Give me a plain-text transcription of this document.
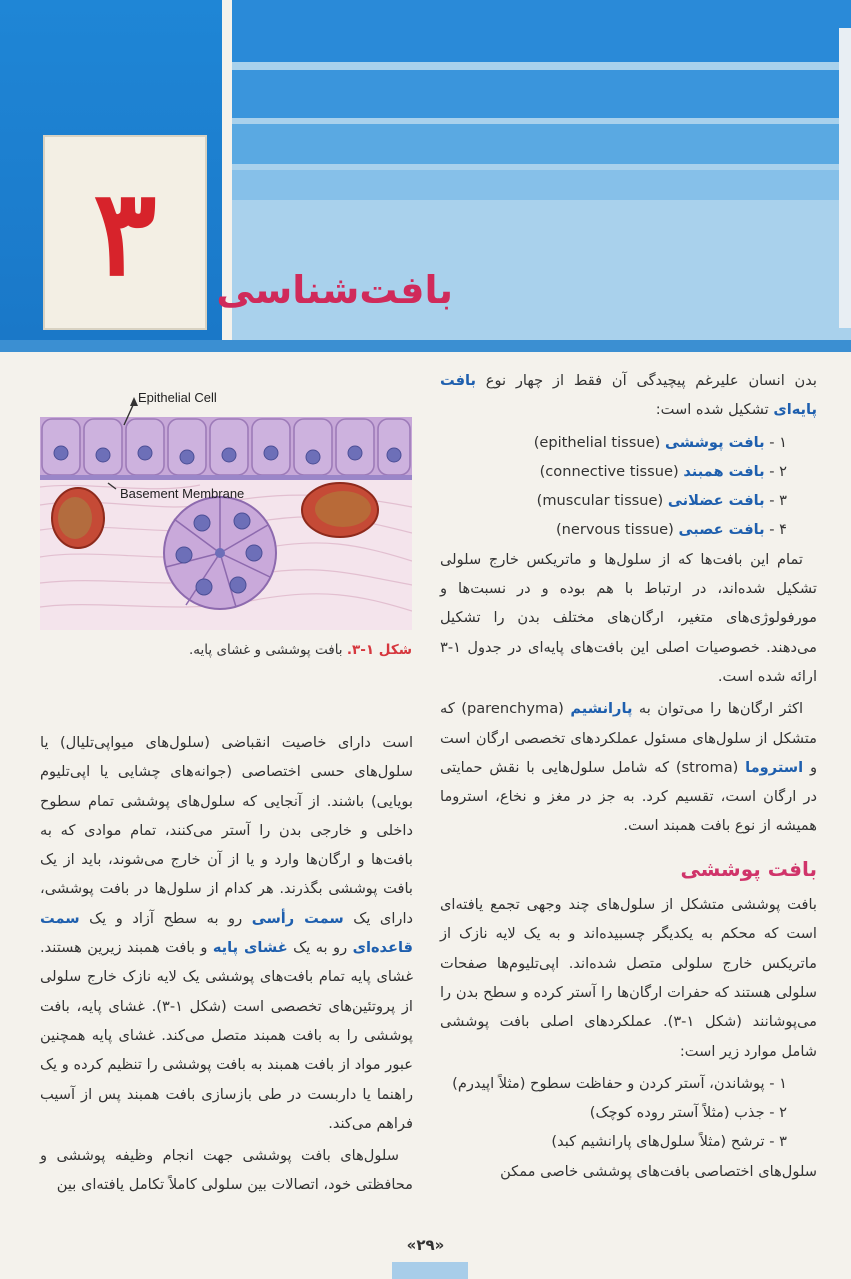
۳ بافت‌شناسی
Epithelial Cell
Basement Membrane
شکل ۱-۳. بافت پوششی و غشای پایه.

بدن انسان علیرغم پیچیدگی آن فقط از چهار نوع بافت پایه‌ای تشکیل شده است:

۱ - بافت پوششی (epithelial tissue)
۲ - بافت همبند (connective tissue)
۳ - بافت عضلانی (muscular tissue)
۴ - بافت عصبی (nervous tissue)

تمام این بافت‌ها که از سلول‌ها و ماتریکس خارج سلولی تشکیل شده‌اند، در ارتباط با هم بوده و در نسبت‌ها و مورفولوژی‌های متغیر، ارگان‌های مختلف بدن را تشکیل می‌دهند. خصوصیات اصلی این بافت‌های پایه‌ای در جدول ۱-۳ ارائه شده است.

اکثر ارگان‌ها را می‌توان به پارانشیم (parenchyma) که متشکل از سلول‌های مسئول عملکردهای تخصصی ارگان است و استروما (stroma) که شامل سلول‌هایی با نقش حمایتی در ارگان است، تقسیم کرد. به جز در مغز و نخاع، استروما همیشه از نوع بافت همبند است.

بافت پوششی

بافت پوششی متشکل از سلول‌های چند وجهی تجمع یافته‌ای است که محکم به یکدیگر چسبیده‌اند و به یک لایه نازک از ماتریکس خارج سلولی متصل شده‌اند. اپی‌تلیوم‌ها صفحات سلولی هستند که حفرات ارگان‌ها را آستر کرده و سطح بدن را می‌پوشانند (شکل ۱-۳). عملکردهای اصلی بافت پوششی شامل موارد زیر است:

۱ - پوشاندن، آستر کردن و حفاظت سطوح (مثلاً اپیدرم)
۲ - جذب (مثلاً آستر روده کوچک)
۳ - ترشح (مثلاً سلول‌های پارانشیم کبد)

سلول‌های اختصاصی بافت‌های پوششی خاصی ممکن

است دارای خاصیت انقباضی (سلول‌های میواپی‌تلیال) یا سلول‌های حسی اختصاصی (جوانه‌های چشایی یا اپی‌تلیوم بویایی) باشند. از آنجایی که سلول‌های پوششی تمام سطوح داخلی و خارجی بدن را آستر می‌کنند، تمام موادی که به بافت‌ها و ارگان‌ها وارد و یا از آن خارج می‌شوند، باید از یک بافت پوششی بگذرند. هر کدام از سلول‌ها در بافت پوششی، دارای یک سمت رأسی رو به سطح آزاد و یک سمت قاعده‌ای رو به یک غشای پایه و بافت همبند زیرین هستند. غشای پایه تمام بافت‌های پوششی یک لایه نازک خارج سلولی از پروتئین‌های تخصصی است (شکل ۱-۳). غشای پایه، بافت پوششی را به بافت همبند متصل می‌کند. غشای پایه همچنین عبور مواد از بافت همبند به بافت پوششی را تنظیم کرده و یک راهنما یا داربست در طی بازسازی بافت همبند پس از آسیب فراهم می‌کند.

سلول‌های بافت پوششی جهت انجام وظیفه پوششی و محافظتی خود، اتصالات بین سلولی کاملاً تکامل یافته‌ای بین

«۲۹»
